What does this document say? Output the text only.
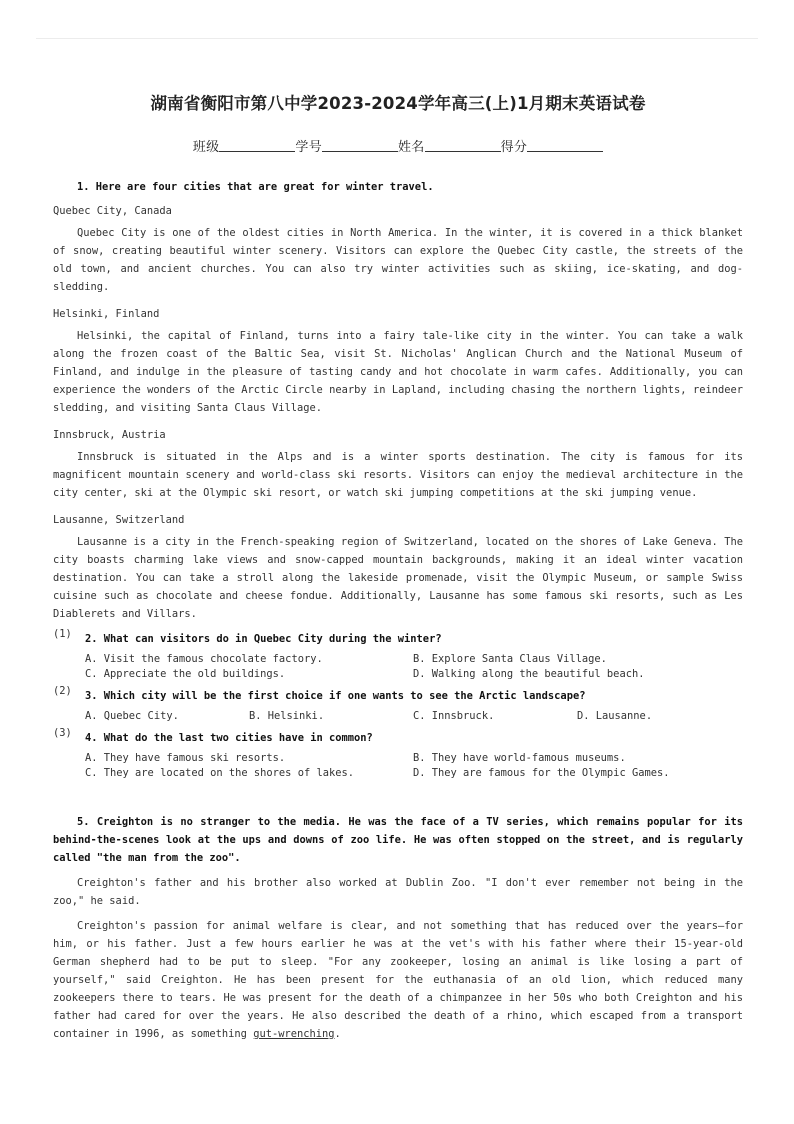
湖南省衡阳市第八中学2023-2024学年高三(上)1月期末英语试卷
班级	学号	姓名	得分
1. Here are four cities that are great for winter travel.
Quebec City, Canada
Quebec City is one of the oldest cities in North America. In the winter, it is covered in a thick blanket of snow, creating beautiful winter scenery. Visitors can explore the Quebec City castle, the streets of the old town, and ancient churches. You can also try winter activities such as skiing, ice-skating, and dog-sledding.
Helsinki, Finland
Helsinki, the capital of Finland, turns into a fairy tale-like city in the winter. You can take a walk along the frozen coast of the Baltic Sea, visit St. Nicholas' Anglican Church and the National Museum of Finland, and indulge in the pleasure of tasting candy and hot chocolate in warm cafes. Additionally, you can experience the wonders of the Arctic Circle nearby in Lapland, including chasing the northern lights, reindeer sledding, and visiting Santa Claus Village.
Innsbruck, Austria
Innsbruck is situated in the Alps and is a winter sports destination. The city is famous for its magnificent mountain scenery and world-class ski resorts. Visitors can enjoy the medieval architecture in the city center, ski at the Olympic ski resort, or watch ski jumping competitions at the ski jumping venue.
Lausanne, Switzerland
Lausanne is a city in the French-speaking region of Switzerland, located on the shores of Lake Geneva. The city boasts charming lake views and snow-capped mountain backgrounds, making it an ideal winter vacation destination. You can take a stroll along the lakeside promenade, visit the Olympic Museum, or sample Swiss cuisine such as chocolate and cheese fondue. Additionally, Lausanne has some famous ski resorts, such as Les Diablerets and Villars.
(1)	2. What can visitors do in Quebec City during the winter?
A. Visit the famous chocolate factory.	B. Explore Santa Claus Village.
C. Appreciate the old buildings.	D. Walking along the beautiful beach.
(2)	3. Which city will be the first choice if one wants to see the Arctic landscape?
A. Quebec City.	B. Helsinki.	C. Innsbruck.	D. Lausanne.
(3)	4. What do the last two cities have in common?
A. They have famous ski resorts.	B. They have world-famous museums.
C. They are located on the shores of lakes.	D. They are famous for the Olympic Games.
5. Creighton is no stranger to the media. He was the face of a TV series, which remains popular for its behind-the-scenes look at the ups and downs of zoo life. He was often stopped on the street, and is regularly called "the man from the zoo".
Creighton's father and his brother also worked at Dublin Zoo. "I don't ever remember not being in the zoo," he said.
Creighton's passion for animal welfare is clear, and not something that has reduced over the years—for him, or his father. Just a few hours earlier he was at the vet's with his father where their 15-year-old German shepherd had to be put to sleep. "For any zookeeper, losing an animal is like losing a part of yourself," said Creighton. He has been present for the euthanasia of an old lion, which reduced many zookeepers there to tears. He was present for the death of a chimpanzee in her 50s who both Creighton and his father had cared for over the years. He also described the death of a rhino, which escaped from a transport container in 1996, as something gut-wrenching.
